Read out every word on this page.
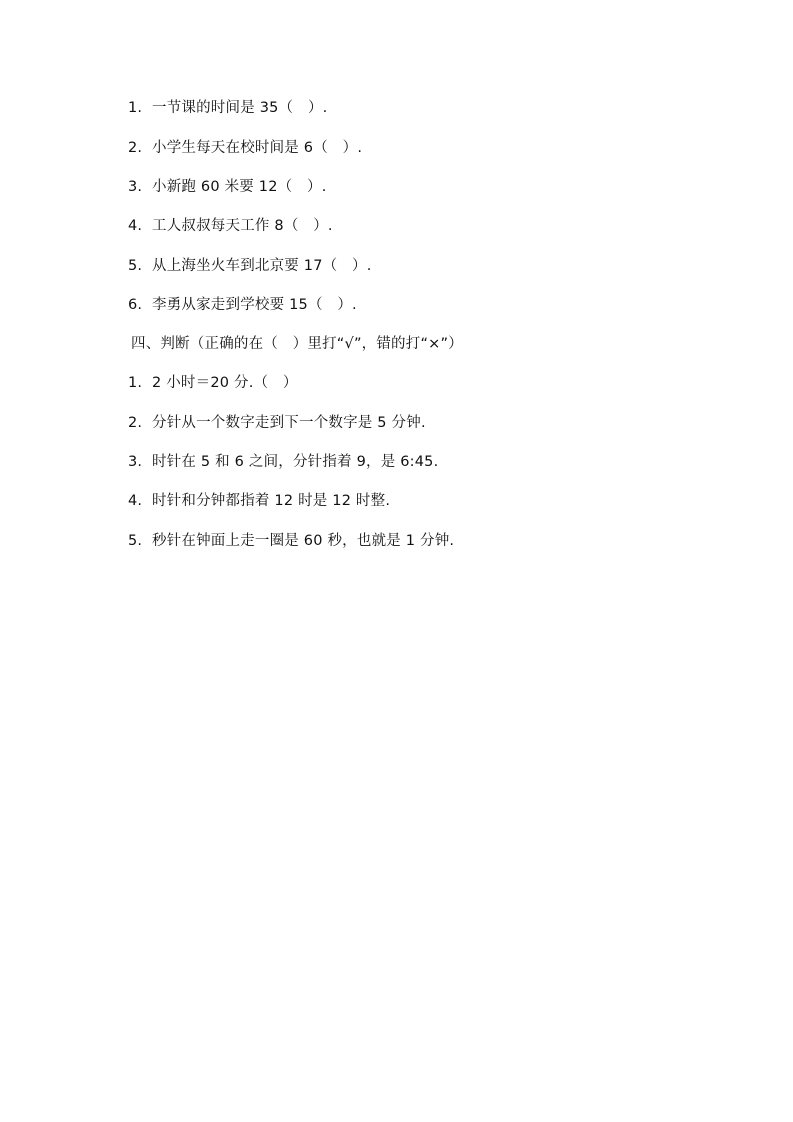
1. 一节课的时间是 35（　）.
2. 小学生每天在校时间是 6（　）.
3. 小新跑 60 米要 12（　）.
4. 工人叔叔每天工作 8（　）.
5. 从上海坐火车到北京要 17（　）.
6. 李勇从家走到学校要 15（　）.
四、判断（正确的在（　）里打“√”，错的打“×”）
1. 2 小时＝20 分.（　）
2. 分针从一个数字走到下一个数字是 5 分钟.
3. 时针在 5 和 6 之间，分针指着 9，是 6:45.
4. 时针和分钟都指着 12 时是 12 时整.
5. 秒针在钟面上走一圈是 60 秒，也就是 1 分钟.
